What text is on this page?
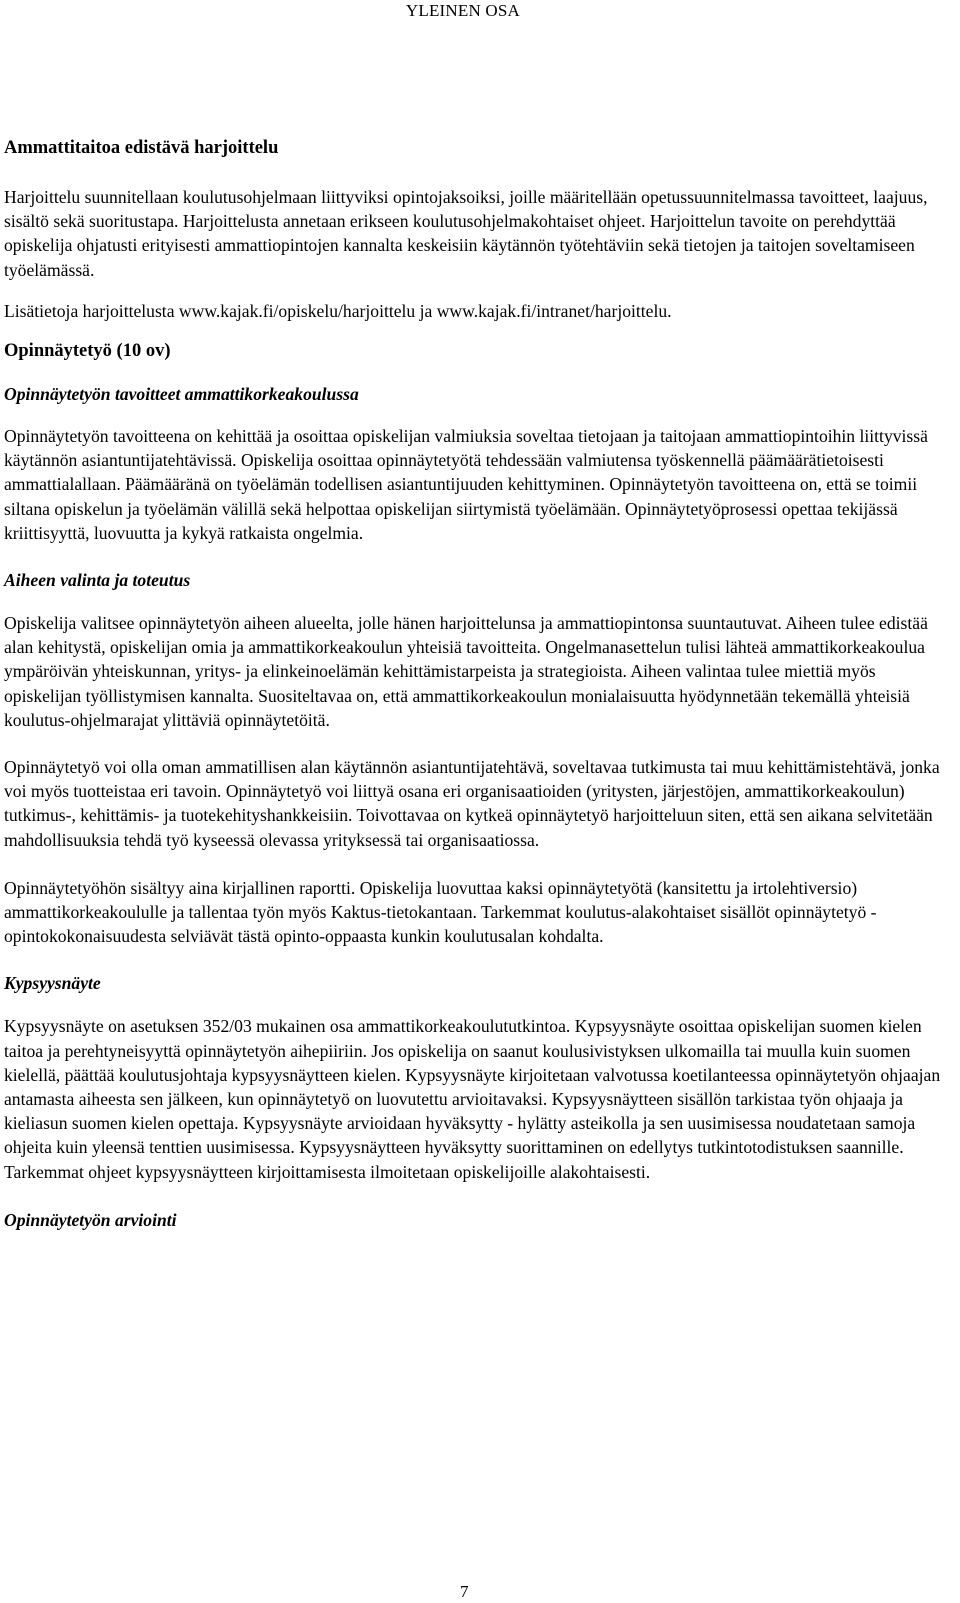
YLEINEN OSA
Ammattitaitoa edistävä harjoittelu

Harjoittelu suunnitellaan koulutusohjelmaan liittyviksi opintojaksoiksi, joille määritellään opetussuunnitelmassa tavoitteet, laajuus, sisältö sekä suoritustapa. Harjoittelusta annetaan erikseen koulutusohjelmakohtaiset ohjeet. Harjoittelun tavoite on perehdyttää opiskelija ohjatusti erityisesti ammattiopintojen kannalta keskeisiin käytännön työtehtäviin sekä tietojen ja taitojen soveltamiseen työelämässä.

Lisätietoja harjoittelusta www.kajak.fi/opiskelu/harjoittelu ja www.kajak.fi/intranet/harjoittelu.

Opinnäytetyö (10 ov)
Opinnäytetyön tavoitteet ammattikorkeakoulussa

Opinnäytetyön tavoitteena on kehittää ja osoittaa opiskelijan valmiuksia soveltaa tietojaan ja taitojaan ammattiopintoihin liittyvissä käytännön asiantuntijatehtävissä. Opiskelija osoittaa opinnäytetyötä tehdessään valmiutensa työskennellä päämäärätietoisesti ammattialallaan. Päämääränä on työelämän todellisen asiantuntijuuden kehittyminen. Opinnäytetyön tavoitteena on, että se toimii siltana opiskelun ja työelämän välillä sekä helpottaa opiskelijan siirtymistä työelämään. Opinnäytetyöprosessi opettaa tekijässä kriittisyyttä, luovuutta ja kykyä ratkaista ongelmia.

Aiheen valinta ja toteutus

Opiskelija valitsee opinnäytetyön aiheen alueelta, jolle hänen harjoittelunsa ja ammattiopintonsa suuntautuvat. Aiheen tulee edistää alan kehitystä, opiskelijan omia ja ammattikorkeakoulun yhteisiä tavoitteita. Ongelmanasettelun tulisi lähteä ammattikorkeakoulua ympäröivän yhteiskunnan, yritys- ja elinkeinoelämän kehittämistarpeista ja strategioista. Aiheen valintaa tulee miettiä myös opiskelijan työllistymisen kannalta. Suositeltavaa on, että ammattikorkeakoulun monialaisuutta hyödynnetään tekemällä yhteisiä koulutus-ohjelmarajat ylittäviä opinnäytetöitä.

Opinnäytetyö voi olla oman ammatillisen alan käytännön asiantuntijatehtävä, soveltavaa tutkimusta tai muu kehittämistehtävä, jonka voi myös tuotteistaa eri tavoin. Opinnäytetyö voi liittyä osana eri organisaatioiden (yritysten, järjestöjen, ammattikorkeakoulun) tutkimus-, kehittämis- ja tuotekehityshankkeisiin. Toivottavaa on kytkeä opinnäytetyö harjoitteluun siten, että sen aikana selvitetään mahdollisuuksia tehdä työ kyseessä olevassa yrityksessä tai organisaatiossa.

Opinnäytetyöhön sisältyy aina kirjallinen raportti. Opiskelija luovuttaa kaksi opinnäytetyötä (kansitettu ja irtolehtiversio) ammattikorkeakoululle ja tallentaa työn myös Kaktus-tietokantaan. Tarkemmat koulutus-alakohtaiset sisällöt opinnäytetyö -opintokokonaisuudesta selviävät tästä opinto-oppaasta kunkin koulutusalan kohdalta.

Kypsyysnäyte

Kypsyysnäyte on asetuksen 352/03 mukainen osa ammattikorkeakoulututkintoa. Kypsyysnäyte osoittaa opiskelijan suomen kielen taitoa ja perehtyneisyyttä opinnäytetyön aihepiiriin. Jos opiskelija on saanut koulusivistyksen ulkomailla tai muulla kuin suomen kielellä, päättää koulutusjohtaja kypsyysnäytteen kielen. Kypsyysnäyte kirjoitetaan valvotussa koetilanteessa opinnäytetyön ohjaajan antamasta aiheesta sen jälkeen, kun opinnäytetyö on luovutettu arvioitavaksi. Kypsyysnäytteen sisällön tarkistaa työn ohjaaja ja kieliasun suomen kielen opettaja. Kypsyysnäyte arvioidaan hyväksytty - hylätty asteikolla ja sen uusimisessa noudatetaan samoja ohjeita kuin yleensä tenttien uusimisessa. Kypsyysnäytteen hyväksytty suorittaminen on edellytys tutkintotodistuksen saannille. Tarkemmat ohjeet kypsyysnäytteen kirjoittamisesta ilmoitetaan opiskelijoille alakohtaisesti.

Opinnäytetyön arviointi
7
